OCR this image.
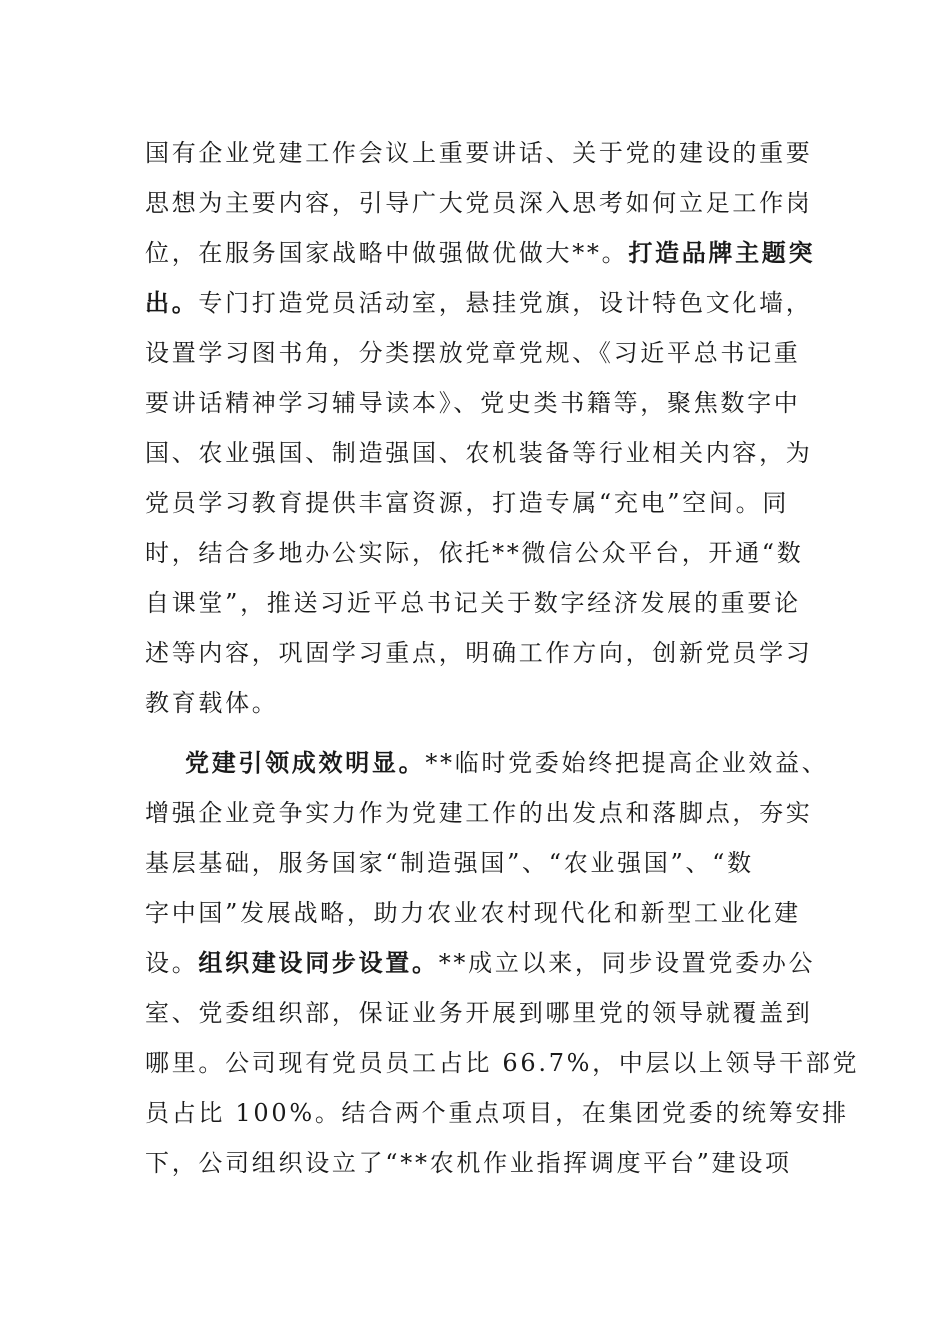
国有企业党建工作会议上重要讲话、关于党的建设的重要
思想为主要内容，引导广大党员深入思考如何立足工作岗
位，在服务国家战略中做强做优做大**。打造品牌主题突
出。专门打造党员活动室，悬挂党旗，设计特色文化墙，
设置学习图书角，分类摆放党章党规、《习近平总书记重
要讲话精神学习辅导读本》、党史类书籍等，聚焦数字中
国、农业强国、制造强国、农机装备等行业相关内容，为
党员学习教育提供丰富资源，打造专属“充电”空间。同
时，结合多地办公实际，依托**微信公众平台，开通“数
自课堂”，推送习近平总书记关于数字经济发展的重要论
述等内容，巩固学习重点，明确工作方向，创新党员学习
教育载体。
党建引领成效明显。**临时党委始终把提高企业效益、
增强企业竞争实力作为党建工作的出发点和落脚点，夯实
基层基础，服务国家“制造强国”、“农业强国”、“数
字中国”发展战略，助力农业农村现代化和新型工业化建
设。组织建设同步设置。**成立以来，同步设置党委办公
室、党委组织部，保证业务开展到哪里党的领导就覆盖到
哪里。公司现有党员员工占比 66.7%，中层以上领导干部党
员占比 100%。结合两个重点项目，在集团党委的统筹安排
下，公司组织设立了“**农机作业指挥调度平台”建设项
